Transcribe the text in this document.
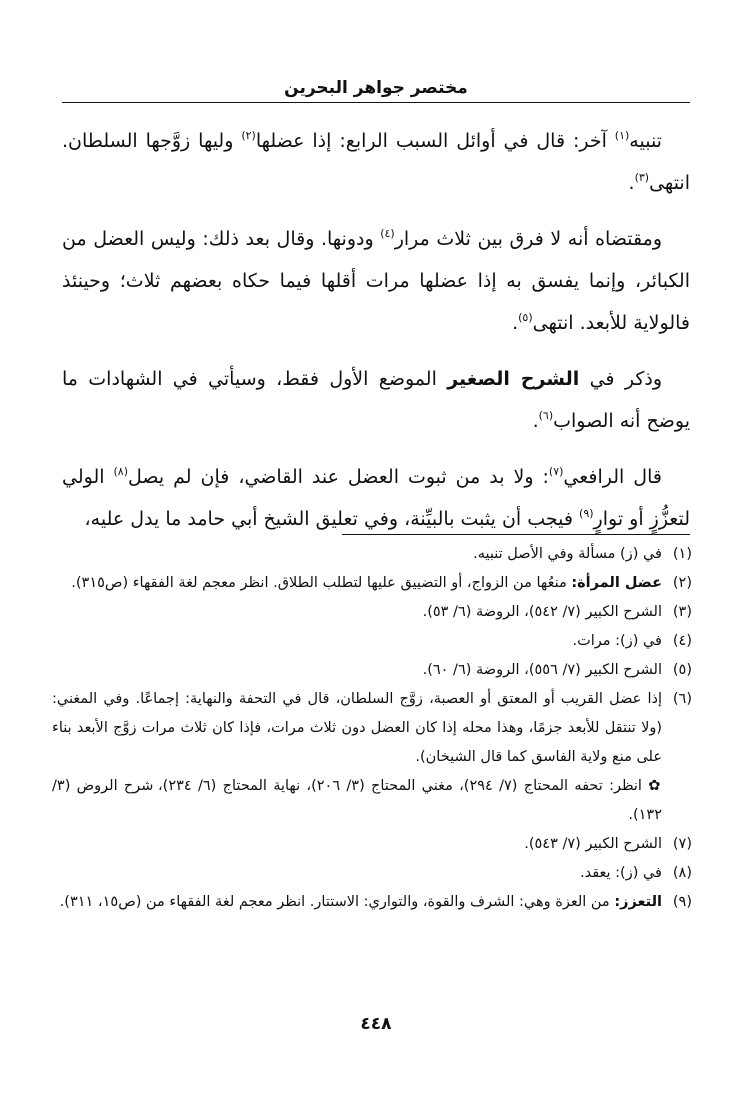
مختصر جواهر البحرين

تنبيه$^{(١)}$ آخر: قال في أوائل السبب الرابع: إذا عضلها$^{(٢)}$ وليها زوَّجها السلطان. انتهى$^{(٣)}$.

ومقتضاه أنه لا فرق بين ثلاث مرار$^{(٤)}$ ودونها. وقال بعد ذلك: وليس العضل من الكبائر، وإنما يفسق به إذا عضلها مرات أقلها فيما حكاه بعضهم ثلاث؛ وحينئذ فالولاية للأبعد. انتهى$^{(٥)}$.

وذكر في الشرح الصغير الموضع الأول فقط، وسيأتي في الشهادات ما يوضح أنه الصواب$^{(٦)}$.

قال الرافعي$^{(٧)}$: ولا بد من ثبوت العضل عند القاضي، فإن لم يصل$^{(٨)}$ الولي لتعزُّزٍ أو توارٍ$^{(٩)}$ فيجب أن يثبت بالبيِّنة، وفي تعليق الشيخ أبي حامد ما يدل عليه،

(١)
في (ز) مسألة وفي الأصل تنبيه.
(٢)
عضل المرأة: منعُها من الزواج، أو التضييق عليها لتطلب الطلاق. انظر معجم لغة الفقهاء (ص٣١٥).
(٣)
الشرح الكبير (٧/ ٥٤٢)، الروضة (٦/ ٥٣).
(٤)
في (ز): مرات.
(٥)
الشرح الكبير (٧/ ٥٥٦)، الروضة (٦/ ٦٠).
(٦)
إذا عضل القريب أو المعتق أو العصبة، زوَّج السلطان، قال في التحفة والنهاية: إجماعًا. وفي المغني: (ولا تنتقل للأبعد جزمًا، وهذا محله إذا كان العضل دون ثلاث مرات، فإذا كان ثلاث مرات زوَّج الأبعد بناء على منع ولاية الفاسق كما قال الشيخان).
✿ انظر: تحفه المحتاج (٧/ ٢٩٤)، مغني المحتاج (٣/ ٢٠٦)، نهاية المحتاج (٦/ ٢٣٤)، شرح الروض (٣/ ١٣٢).
(٧)
الشرح الكبير (٧/ ٥٤٣).
(٨)
في (ز): يعقد.
(٩)
التعزز: من العزة وهي: الشرف والقوة، والتواري: الاستتار. انظر معجم لغة الفقهاء من (ص١٥، ٣١١).
٤٤٨
